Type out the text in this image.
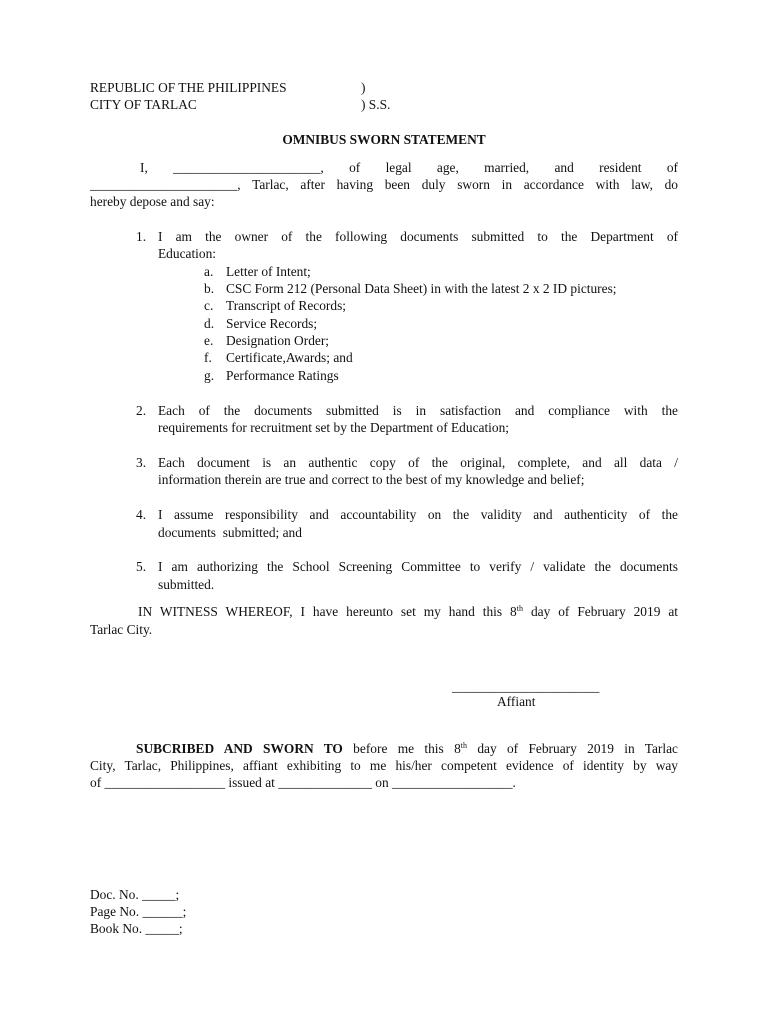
REPUBLIC OF THE PHILIPPINES	)
CITY OF TARLAC	) S.S.
OMNIBUS SWORN STATEMENT
I, ______________________, of legal age, married, and resident of
______________________, Tarlac, after having been duly sworn in accordance with law, do
hereby depose and say:
1. I am the owner of the following documents submitted to the Department of
Education:
a. Letter of Intent;
b. CSC Form 212 (Personal Data Sheet) in with the latest 2 x 2 ID pictures;
c. Transcript of Records;
d. Service Records;
e. Designation Order;
f. Certificate,Awards; and
g. Performance Ratings
2. Each of the documents submitted is in satisfaction and compliance with the
requirements for recruitment set by the Department of Education;
3. Each document is an authentic copy of the original, complete, and all data /
information therein are true and correct to the best of my knowledge and belief;
4. I assume responsibility and accountability on the validity and authenticity of the
documents  submitted; and
5. I am authorizing the School Screening Committee to verify / validate the documents
submitted.
IN WITNESS WHEREOF, I have hereunto set my hand this 8th day of February 2019 at
Tarlac City.
______________________
Affiant
SUBCRIBED AND SWORN TO before me this 8th day of February 2019 in Tarlac
City, Tarlac, Philippines, affiant exhibiting to me his/her competent evidence of identity by way
of __________________ issued at ______________ on __________________.
Doc. No. _____;
Page No. ______;
Book No. _____;
